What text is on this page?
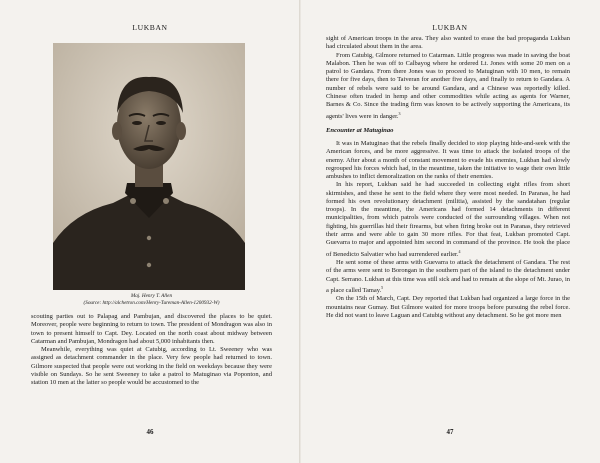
LUKBAN
46
Maj. Henry T. Allen
(Source: http://alchetron.com/Henry-Tureman-Allen-1200932-W)

scouting parties out to Palapag and Pambujan, and discovered the places to be quiet. Moreover, people were beginning to return to town. The president of Mondragon was also in town to present himself to Capt. Dey. Located on the north coast about midway between Catarman and Pambujan, Mondragon had about 5,000 inhabitants then.

Meanwhile, everything was quiet at Catubig, according to Lt. Sweeney who was assigned as detachment commander in the place. Very few people had returned to town. Gilmore suspected that people were out working in the field on weekdays because they were visible on Sundays. So he sent Sweeney to take a patrol to Matuginao via Poponton, and station 10 men at the latter so people would be accustomed to the

LUKBAN
47

sight of American troops in the area. They also wanted to erase the bad propaganda Lukban had circulated about them in the area.

From Catubig, Gilmore returned to Catarman. Little progress was made in saving the boat Malabon. Then he was off to Calbayog where he ordered Lt. Jones with some 20 men on a patrol to Gandara. From there Jones was to proceed to Matuginan with 10 men, to remain there for five days, then to Taiveran for another five days, and finally to return to Gandara. A number of rebels were said to be around Gandara, and a Chinese was reportedly killed. Chinese often traded in hemp and other commodities while acting as agents for Warner, Barnes & Co. Since the trading firm was known to be actively supporting the Americans, its agents' lives were in danger.$^3$

Encounter at Matuginao

It was in Matuginao that the rebels finally decided to stop playing hide-and-seek with the American forces, and be more aggressive. It was time to attack the isolated troops of the enemy. After about a month of constant movement to evade his enemies, Lukban had slowly regrouped his forces which had, in the meantime, taken the initiative to wage their own little ambushes to inflict demoralization on the ranks of their enemies.

In his report, Lukban said he had succeeded in collecting eight rifles from short skirmishes, and these he sent to the field where they were most needed. In Paranas, he had formed his own revolutionary detachment (militia), assisted by the sandatahan (regular troops). In the meantime, the Americans had formed 14 detachments in different municipalities, from which patrols were conducted of the surrounding villages. When not fighting, his guerrillas hid their firearms, but when firing broke out in Paranas, they retrieved their arms and were able to gain 30 more rifles. For that feat, Lukban promoted Capt. Guevarra to major and appointed him second in command of the province. He took the place of Benedicto Salvatier who had surrendered earlier.$^4$

He sent some of these arms with Guevarra to attack the detachment of Gandara. The rest of the arms were sent to Borongan in the southern part of the island to the detachment under Capt. Serrano. Lukban at this time was still sick and had to remain at the slope of Mt. Jurao, in a place called Tamay.$^5$

On the 15th of March, Capt. Dey reported that Lukban had organized a large force in the mountains near Gumay. But Gilmore waited for more troops before pursuing the rebel force. He did not want to leave Laguan and Catubig without any detachment. So he got more men
